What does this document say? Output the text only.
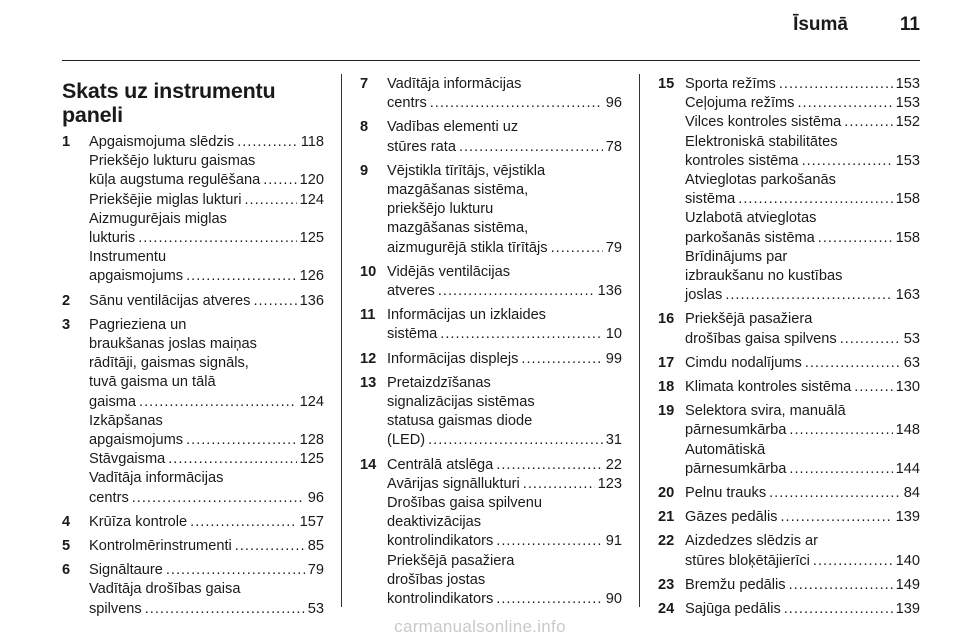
Īsumā	11
Skats uz instrumentu paneli
1 Apgaismojuma slēdzis .....	118
Priekšējo lukturu gaismas
kūļa augstuma regulēšana .....	120
Priekšējie miglas lukturi .....	124
Aizmugurējais miglas
lukturis .....	125
Instrumentu
apgaismojums .....	126
2 Sānu ventilācijas atveres .....	136
3 Pagrieziena un
braukšanas joslas maiņas
rādītāji, gaismas signāls,
tuvā gaisma un tālā
gaisma .....	124
Izkāpšanas
apgaismojums .....	128
Stāvgaisma .....	125
Vadītāja informācijas
centrs .....	96
4 Krūīza kontrole .....	157
5 Kontrolmērinstrumenti .....	85
6 Signāltaure .....	79
Vadītāja drošības gaisa
spilvens .....	53
7 Vadītāja informācijas
centrs .....	96
8 Vadības elementi uz
stūres rata .....	78
9 Vējstikla tīrītājs, vējstikla
mazgāšanas sistēma,
priekšējo lukturu
mazgāšanas sistēma,
aizmugurējā stikla tīrītājs .....	79
10 Vidējās ventilācijas
atveres .....	136
11 Informācijas un izklaides
sistēma .....	10
12 Informācijas displejs .....	99
13 Pretaizdzīšanas
signalizācijas sistēmas
statusa gaismas diode
(LED) .....	31
14 Centrālā atslēga .....	22
Avārijas signāllukturi .....	123
Drošības gaisa spilvenu
deaktivizācijas
kontrolindikators .....	91
Priekšējā pasažiera
drošības jostas
kontrolindikators .....	90
15 Sporta režīms .....	153
Ceļojuma režīms .....	153
Vilces kontroles sistēma .....	152
Elektroniskā stabilitātes
kontroles sistēma .....	153
Atvieglotas parkošanās
sistēma .....	158
Uzlabotā atvieglotas
parkošanās sistēma .....	158
Brīdinājums par
izbraukšanu no kustības
joslas .....	163
16 Priekšējā pasažiera
drošības gaisa spilvens .....	53
17 Cimdu nodalījums .....	63
18 Klimata kontroles sistēma .....	130
19 Selektora svira, manuālā
pārnesumkārba .....	148
Automātiskā
pārnesumkārba .....	144
20 Pelnu trauks .....	84
21 Gāzes pedālis .....	139
22 Aizdedzes slēdzis ar
stūres bloķētājierīci .....	140
23 Bremžu pedālis .....	149
24 Sajūga pedālis .....	139
carmanualsonline.info
